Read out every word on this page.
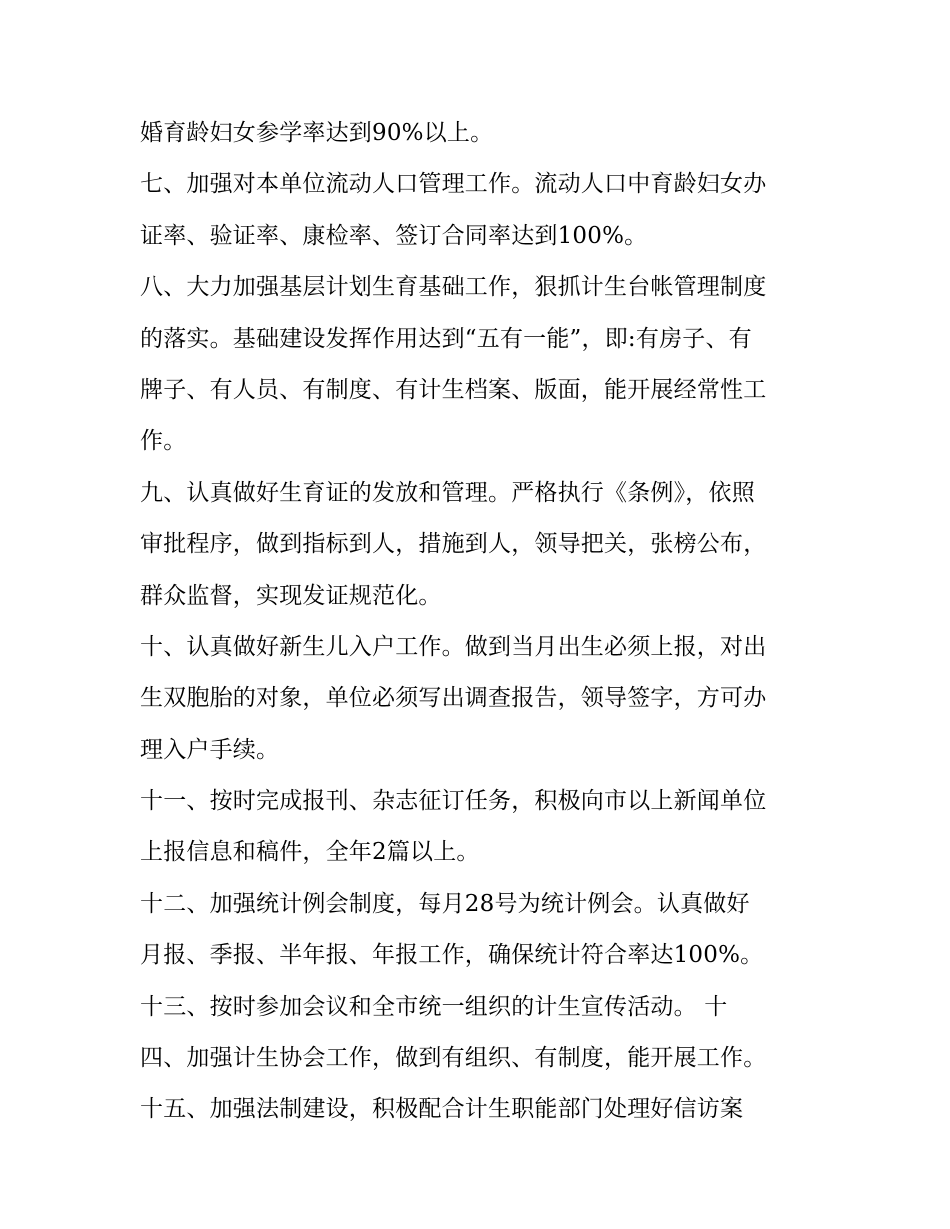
婚育龄妇女参学率达到90%以上。
七、加强对本单位流动人口管理工作。流动人口中育龄妇女办
证率、验证率、康检率、签订合同率达到100%。
八、大力加强基层计划生育基础工作，狠抓计生台帐管理制度
的落实。基础建设发挥作用达到“五有一能”，即:有房子、有
牌子、有人员、有制度、有计生档案、版面，能开展经常性工
作。
九、认真做好生育证的发放和管理。严格执行《条例》，依照
审批程序，做到指标到人，措施到人，领导把关，张榜公布，
群众监督，实现发证规范化。
十、认真做好新生儿入户工作。做到当月出生必须上报，对出
生双胞胎的对象，单位必须写出调查报告，领导签字，方可办
理入户手续。
十一、按时完成报刊、杂志征订任务，积极向市以上新闻单位
上报信息和稿件，全年2篇以上。
十二、加强统计例会制度，每月28号为统计例会。认真做好
月报、季报、半年报、年报工作，确保统计符合率达100%。
十三、按时参加会议和全市统一组织的计生宣传活动。 十
四、加强计生协会工作，做到有组织、有制度，能开展工作。
十五、加强法制建设，积极配合计生职能部门处理好信访案
